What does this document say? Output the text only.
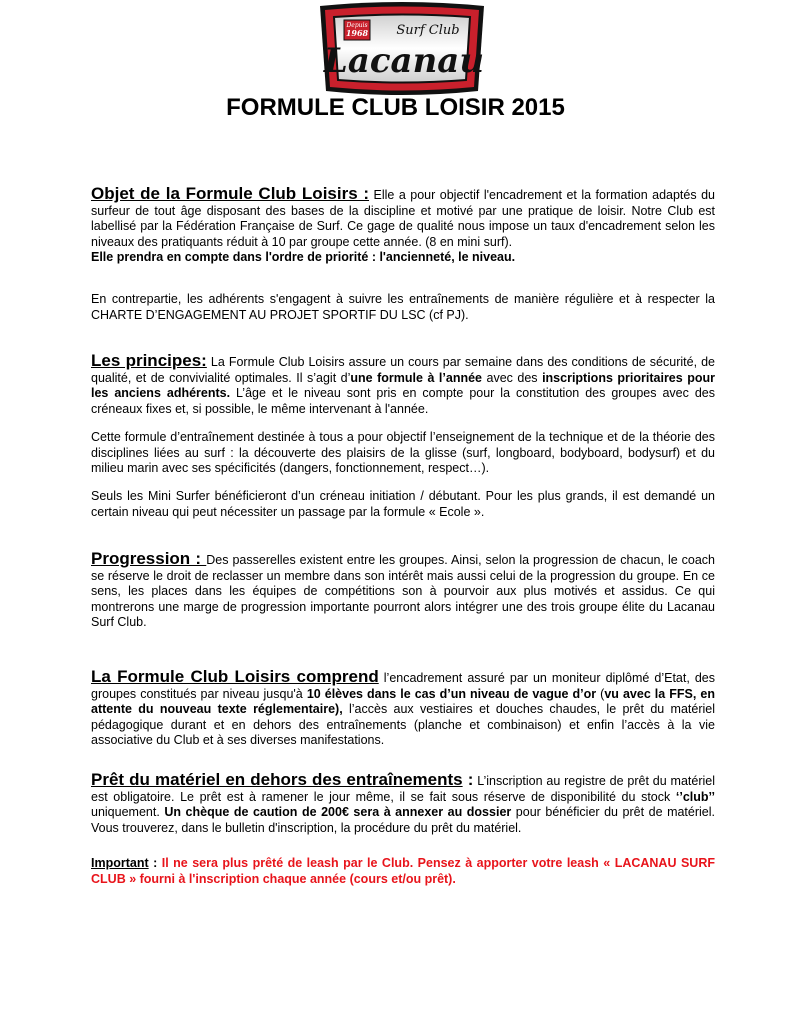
Depuis
1968 Surf Club
Lacanau
FORMULE CLUB LOISIR 2015

Objet de la Formule Club Loisirs : Elle a pour objectif l'encadrement et la formation adaptés du surfeur de tout âge disposant des bases de la discipline et motivé par une pratique de loisir. Notre Club est labellisé par la Fédération Française de Surf. Ce gage de qualité nous impose un taux d'encadrement selon les niveaux des pratiquants réduit à 10 par groupe cette année. (8 en mini surf).

Elle prendra en compte dans l'ordre de priorité : l'ancienneté, le niveau.

En contrepartie, les adhérents s'engagent à suivre les entraînements de manière régulière et à respecter la CHARTE D’ENGAGEMENT AU PROJET SPORTIF DU LSC (cf PJ).

Les principes: La Formule Club Loisirs assure un cours par semaine dans des conditions de sécurité, de qualité, et de convivialité optimales. Il s’agit d’une formule à l’année avec des inscriptions prioritaires pour les anciens adhérents. L’âge et le niveau sont pris en compte pour la constitution des groupes avec des créneaux fixes et, si possible, le même intervenant à l'année.

Cette formule d’entraînement destinée à tous a pour objectif l’enseignement de la technique et de la théorie des disciplines liées au surf : la découverte des plaisirs de la glisse (surf, longboard, bodyboard, bodysurf) et du milieu marin avec ses spécificités (dangers, fonctionnement, respect…).

Seuls les Mini Surfer bénéficieront d’un créneau initiation / débutant. Pour les plus grands, il est demandé un certain niveau qui peut nécessiter un passage par la formule « Ecole ».

Progression : Des passerelles existent entre les groupes. Ainsi, selon la progression de chacun, le coach se réserve le droit de reclasser un membre dans son intérêt mais aussi celui de la progression du groupe. En ce sens, les places dans les équipes de compétitions son à pourvoir aux plus motivés et assidus. Ce qui montrerons une marge de progression importante pourront alors intégrer une des trois groupe élite du Lacanau Surf Club.

La Formule Club Loisirs comprend l’encadrement assuré par un moniteur diplômé d’Etat, des groupes constitués par niveau jusqu'à 10 élèves dans le cas d’un niveau de vague d’or (vu avec la FFS, en attente du nouveau texte réglementaire), l’accès aux vestiaires et douches chaudes, le prêt du matériel pédagogique durant et en dehors des entraînements (planche et combinaison) et enfin l’accès à la vie associative du Club et à ses diverses manifestations.

Prêt du matériel en dehors des entraînements : L’inscription au registre de prêt du matériel est obligatoire. Le prêt est à ramener le jour même, il se fait sous réserve de disponibilité du stock ‘’club’’ uniquement. Un chèque de caution de 200€ sera à annexer au dossier pour bénéficier du prêt de matériel. Vous trouverez, dans le bulletin d'inscription, la procédure du prêt du matériel.

Important : Il ne sera plus prêté de leash par le Club. Pensez à apporter votre leash « LACANAU SURF CLUB » fourni à l'inscription chaque année (cours et/ou prêt).
